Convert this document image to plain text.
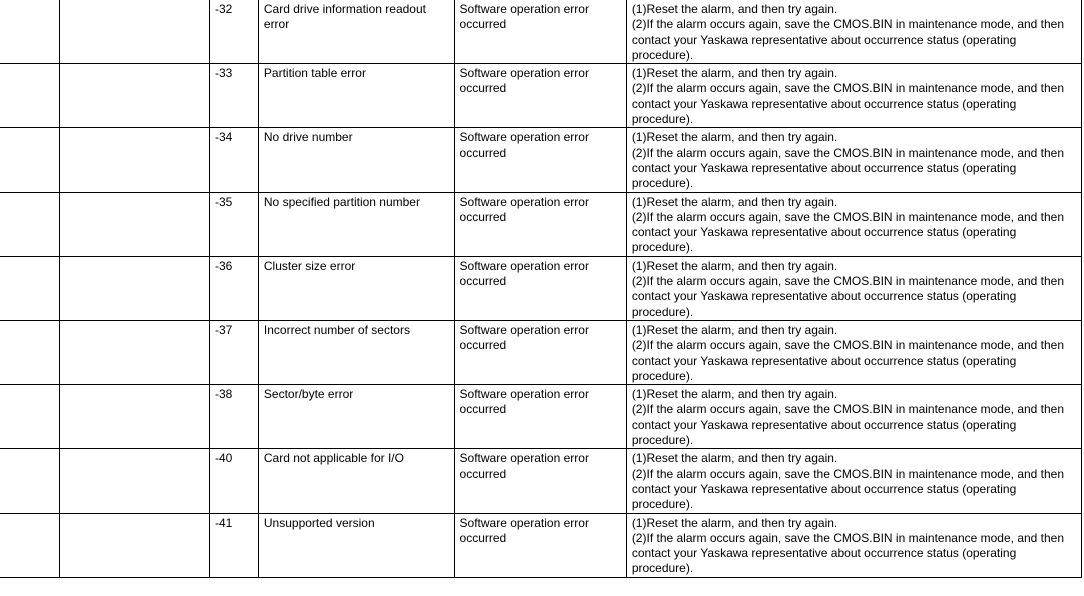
		-32	Card drive information readout error	Software operation error occurred	(1)Reset the alarm, and then try again.
(2)If the alarm occurs again, save the CMOS.BIN in maintenance mode, and then contact your Yaskawa representative about occurrence status (operating procedure).

		-33	Partition table error	Software operation error occurred	(1)Reset the alarm, and then try again.
(2)If the alarm occurs again, save the CMOS.BIN in maintenance mode, and then contact your Yaskawa representative about occurrence status (operating procedure).

		-34	No drive number	Software operation error occurred	(1)Reset the alarm, and then try again.
(2)If the alarm occurs again, save the CMOS.BIN in maintenance mode, and then contact your Yaskawa representative about occurrence status (operating procedure).

		-35	No specified partition number	Software operation error occurred	(1)Reset the alarm, and then try again.
(2)If the alarm occurs again, save the CMOS.BIN in maintenance mode, and then contact your Yaskawa representative about occurrence status (operating procedure).

		-36	Cluster size error	Software operation error occurred	(1)Reset the alarm, and then try again.
(2)If the alarm occurs again, save the CMOS.BIN in maintenance mode, and then contact your Yaskawa representative about occurrence status (operating procedure).

		-37	Incorrect number of sectors	Software operation error occurred	(1)Reset the alarm, and then try again.
(2)If the alarm occurs again, save the CMOS.BIN in maintenance mode, and then contact your Yaskawa representative about occurrence status (operating procedure).

		-38	Sector/byte error	Software operation error occurred	(1)Reset the alarm, and then try again.
(2)If the alarm occurs again, save the CMOS.BIN in maintenance mode, and then contact your Yaskawa representative about occurrence status (operating procedure).

		-40	Card not applicable for I/O	Software operation error occurred	(1)Reset the alarm, and then try again.
(2)If the alarm occurs again, save the CMOS.BIN in maintenance mode, and then contact your Yaskawa representative about occurrence status (operating procedure).

		-41	Unsupported version	Software operation error occurred	(1)Reset the alarm, and then try again.
(2)If the alarm occurs again, save the CMOS.BIN in maintenance mode, and then contact your Yaskawa representative about occurrence status (operating procedure).
